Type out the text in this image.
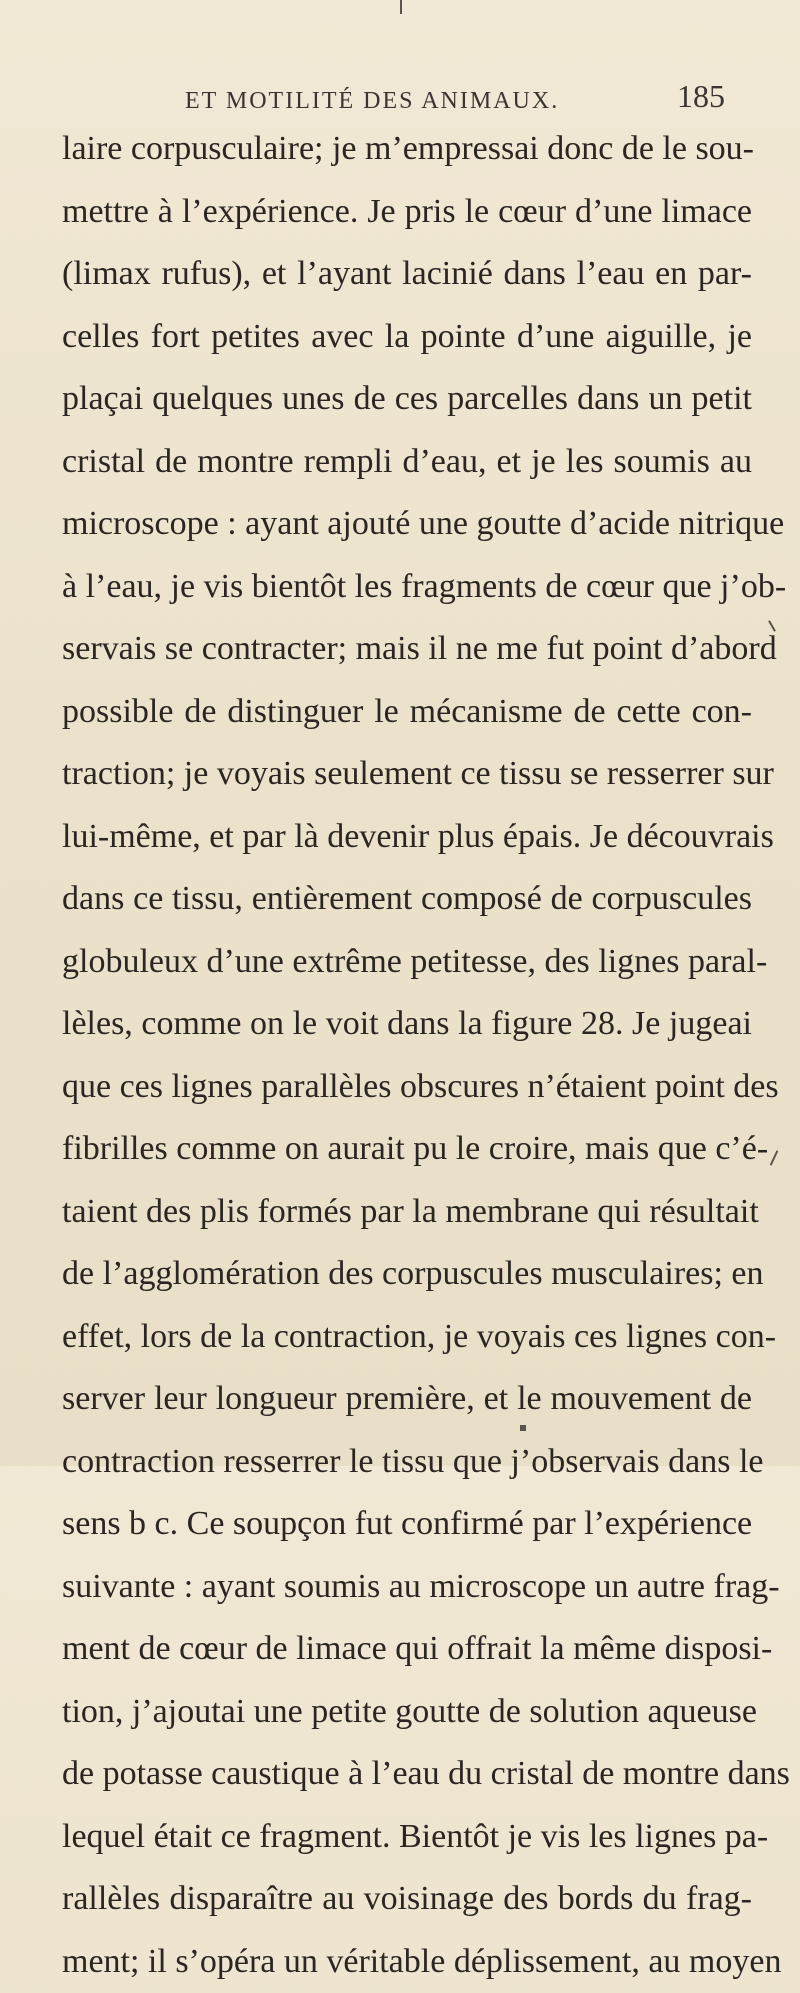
ET MOTILITÉ DES ANIMAUX.	185
laire corpusculaire; je m’empressai donc de le sou-
mettre à l’expérience. Je pris le cœur d’une limace
(limax rufus), et l’ayant lacinié dans l’eau en par-
celles fort petites avec la pointe d’une aiguille, je
plaçai quelques unes de ces parcelles dans un petit
cristal de montre rempli d’eau, et je les soumis au
microscope : ayant ajouté une goutte d’acide nitrique
à l’eau, je vis bientôt les fragments de cœur que j’ob-
servais se contracter; mais il ne me fut point d’abord
possible de distinguer le mécanisme de cette con-
traction; je voyais seulement ce tissu se resserrer sur
lui-même, et par là devenir plus épais. Je découvrais
dans ce tissu, entièrement composé de corpuscules
globuleux d’une extrême petitesse, des lignes paral-
lèles, comme on le voit dans la figure 28. Je jugeai
que ces lignes parallèles obscures n’étaient point des
fibrilles comme on aurait pu le croire, mais que c’é-
taient des plis formés par la membrane qui résultait
de l’agglomération des corpuscules musculaires; en
effet, lors de la contraction, je voyais ces lignes con-
server leur longueur première, et le mouvement de
contraction resserrer le tissu que j’observais dans le
sens b c. Ce soupçon fut confirmé par l’expérience
suivante : ayant soumis au microscope un autre frag-
ment de cœur de limace qui offrait la même disposi-
tion, j’ajoutai une petite goutte de solution aqueuse
de potasse caustique à l’eau du cristal de montre dans
lequel était ce fragment. Bientôt je vis les lignes pa-
rallèles disparaître au voisinage des bords du frag-
ment; il s’opéra un véritable déplissement, au moyen
